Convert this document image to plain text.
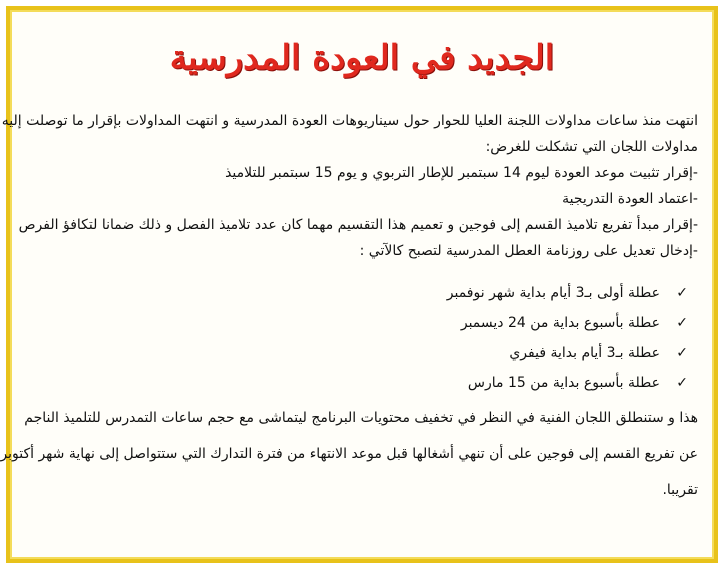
الجديد في العودة المدرسية

انتهت منذ ساعات مداولات اللجنة العليا للحوار حول سيناريوهات العودة المدرسية و انتهت المداولات بإقرار ما توصلت إليه

مداولات اللجان التي تشكلت للغرض:

-إقرار تثبيت موعد العودة ليوم 14 سبتمبر للإطار التربوي و يوم 15 سبتمبر للتلاميذ

-اعتماد العودة التدريجية

-إقرار مبدأ تفريع تلاميذ القسم إلى فوجين و تعميم هذا التقسيم مهما كان عدد تلاميذ الفصل و ذلك ضمانا لتكافؤ الفرص

-إدخال تعديل على روزنامة العطل المدرسية لتصبح كالآتي :

✓عطلة أولى بـ3 أيام بداية شهر نوفمبر
✓عطلة بأسبوع بداية من 24 ديسمبر
✓عطلة بـ3 أيام بداية فيفري
✓عطلة بأسبوع بداية من 15 مارس

هذا و ستنطلق اللجان الفنية في النظر في تخفيف محتويات البرنامج ليتماشى مع حجم ساعات التمدرس للتلميذ الناجم

عن تفريع القسم إلى فوجين على أن تنهي أشغالها قبل موعد الانتهاء من فترة التدارك التي ستتواصل إلى نهاية شهر أكتوبر

تقريبا.
